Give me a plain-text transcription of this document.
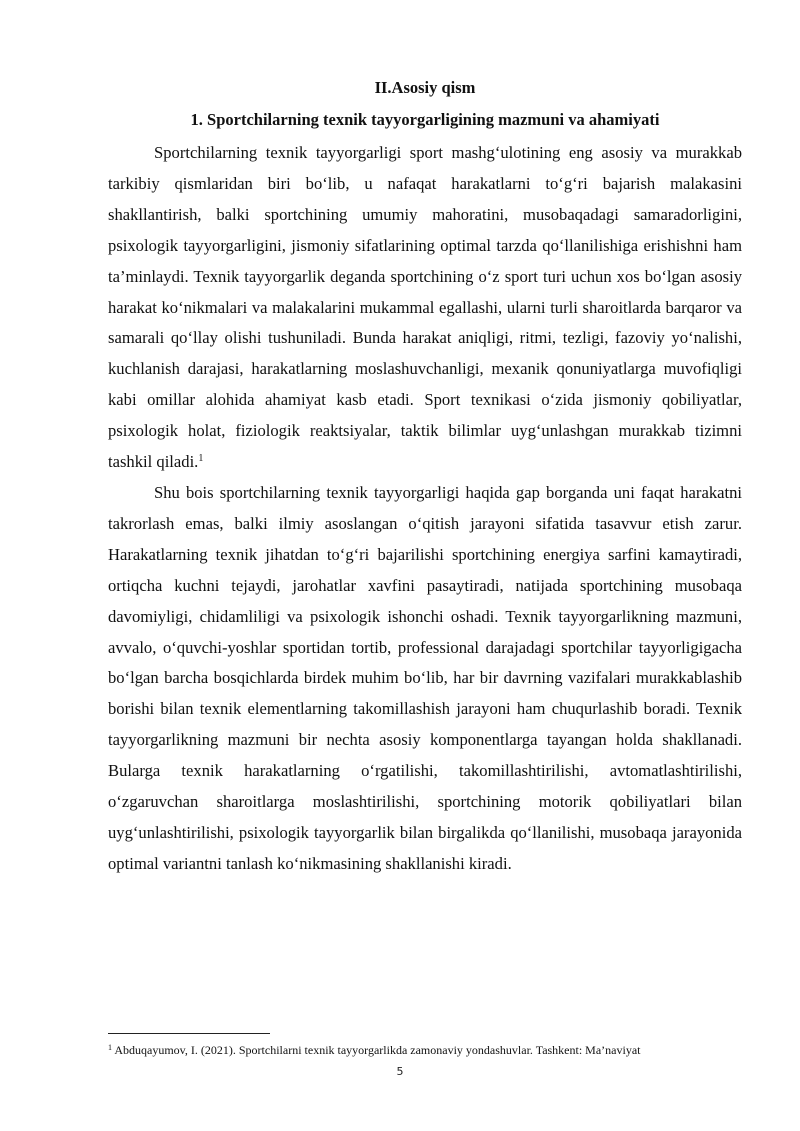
II.Asosiy qism
1. Sportchilarning texnik tayyorgarligining mazmuni va ahamiyati

Sportchilarning texnik tayyorgarligi sport mashg‘ulotining eng asosiy va murakkab tarkibiy qismlaridan biri bo‘lib, u nafaqat harakatlarni to‘g‘ri bajarish malakasini shakllantirish, balki sportchining umumiy mahoratini, musobaqadagi samaradorligini, psixologik tayyorgarligini, jismoniy sifatlarining optimal tarzda qo‘llanilishiga erishishni ham ta’minlaydi. Texnik tayyorgarlik deganda sportchining o‘z sport turi uchun xos bo‘lgan asosiy harakat ko‘nikmalari va malakalarini mukammal egallashi, ularni turli sharoitlarda barqaror va samarali qo‘llay olishi tushuniladi. Bunda harakat aniqligi, ritmi, tezligi, fazoviy yo‘nalishi, kuchlanish darajasi, harakatlarning moslashuvchanligi, mexanik qonuniyatlarga muvofiqligi kabi omillar alohida ahamiyat kasb etadi. Sport texnikasi o‘zida jismoniy qobiliyatlar, psixologik holat, fiziologik reaktsiyalar, taktik bilimlar uyg‘unlashgan murakkab tizimni tashkil qiladi.$^1$

Shu bois sportchilarning texnik tayyorgarligi haqida gap borganda uni faqat harakatni takrorlash emas, balki ilmiy asoslangan o‘qitish jarayoni sifatida tasavvur etish zarur. Harakatlarning texnik jihatdan to‘g‘ri bajarilishi sportchining energiya sarfini kamaytiradi, ortiqcha kuchni tejaydi, jarohatlar xavfini pasaytiradi, natijada sportchining musobaqa davomiyligi, chidamliligi va psixologik ishonchi oshadi. Texnik tayyorgarlikning mazmuni, avvalo, o‘quvchi-yoshlar sportidan tortib, professional darajadagi sportchilar tayyorligigacha bo‘lgan barcha bosqichlarda birdek muhim bo‘lib, har bir davrning vazifalari murakkablashib borishi bilan texnik elementlarning takomillashish jarayoni ham chuqurlashib boradi. Texnik tayyorgarlikning mazmuni bir nechta asosiy komponentlarga tayangan holda shakllanadi. Bularga texnik harakatlarning o‘rgatilishi, takomillashtirilishi, avtomatlashtirilishi, o‘zgaruvchan sharoitlarga moslashtirilishi, sportchining motorik qobiliyatlari bilan uyg‘unlashtirilishi, psixologik tayyorgarlik bilan birgalikda qo‘llanilishi, musobaqa jarayonida optimal variantni tanlash ko‘nikmasining shakllanishi kiradi.

$^1$ Abduqayumov, I. (2021). Sportchilarni texnik tayyorgarlikda zamonaviy yondashuvlar. Tashkent: Ma’naviyat
5
